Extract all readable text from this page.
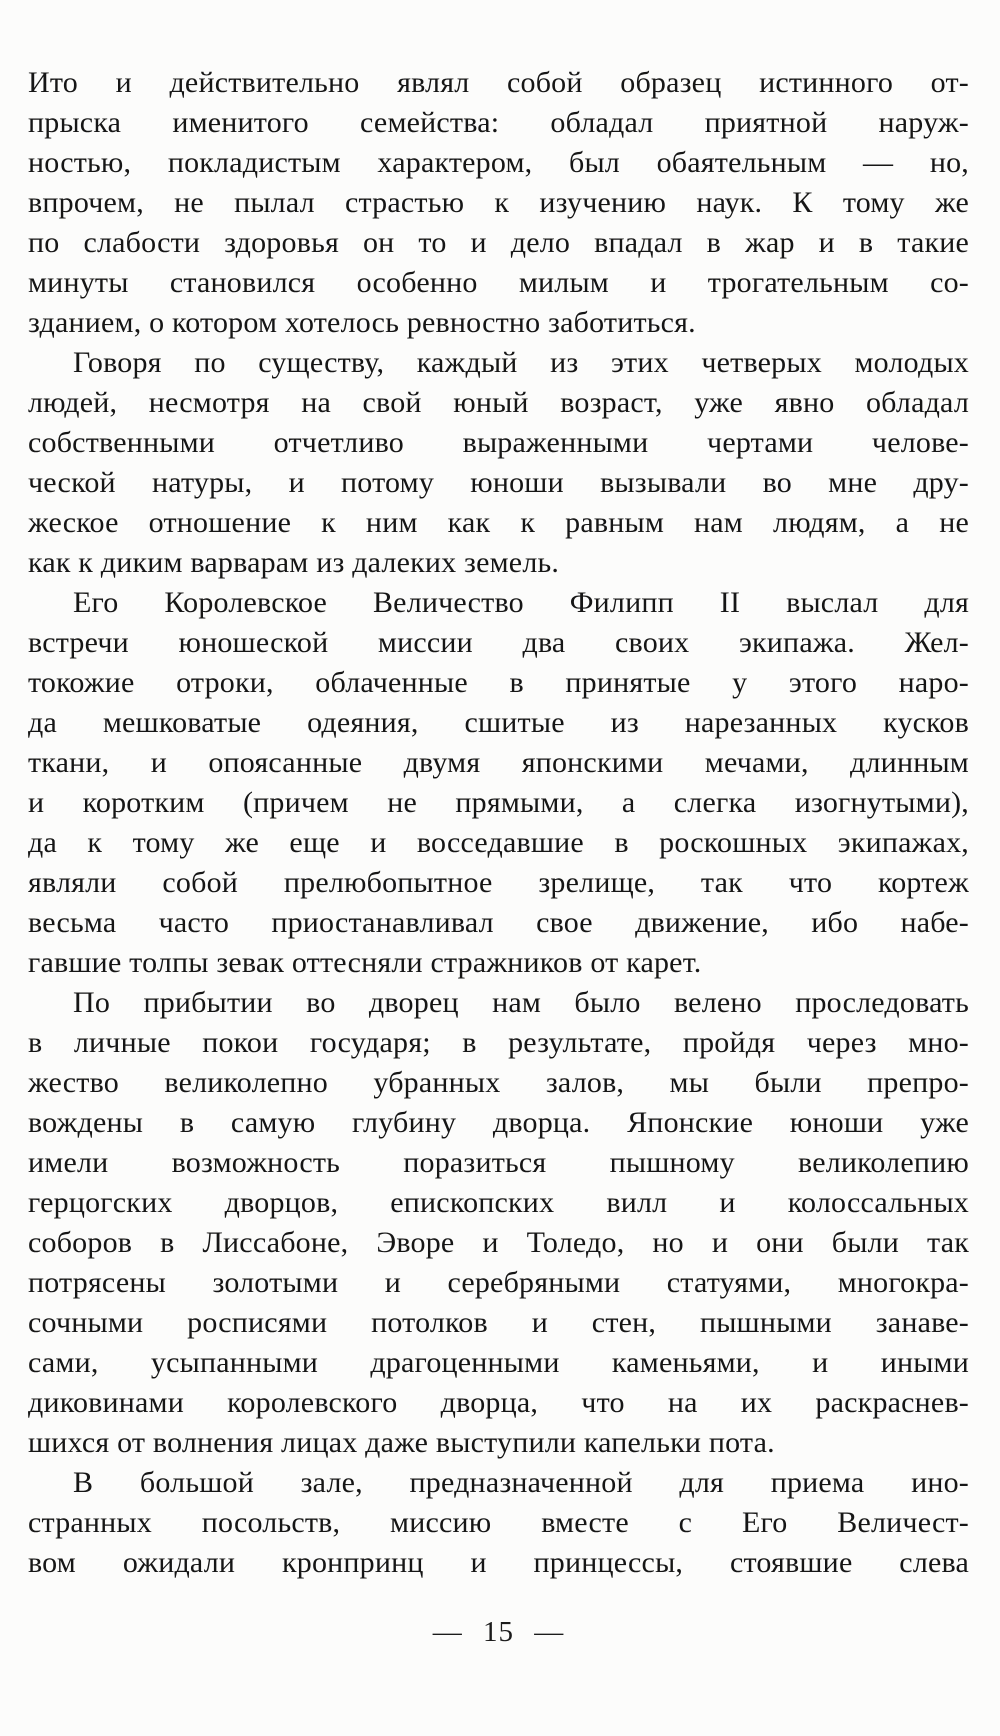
Ито и действительно являл собой образец истинного от-
прыска именитого семейства: обладал приятной наруж-
ностью, покладистым характером, был обаятельным — но,
впрочем, не пылал страстью к изучению наук. К тому же
по слабости здоровья он то и дело впадал в жар и в такие
минуты становился особенно милым и трогательным со-
зданием, о котором хотелось ревностно заботиться.
Говоря по существу, каждый из этих четверых молодых
людей, несмотря на свой юный возраст, уже явно обладал
собственными отчетливо выраженными чертами челове-
ческой натуры, и потому юноши вызывали во мне дру-
жеское отношение к ним как к равным нам людям, а не
как к диким варварам из далеких земель.
Его Королевское Величество Филипп II выслал для
встречи юношеской миссии два своих экипажа. Жел-
токожие отроки, облаченные в принятые у этого наро-
да мешковатые одеяния, сшитые из нарезанных кусков
ткани, и опоясанные двумя японскими мечами, длинным
и коротким (причем не прямыми, а слегка изогнутыми),
да к тому же еще и восседавшие в роскошных экипажах,
являли собой прелюбопытное зрелище, так что кортеж
весьма часто приостанавливал свое движение, ибо набе-
гавшие толпы зевак оттесняли стражников от карет.
По прибытии во дворец нам было велено проследовать
в личные покои государя; в результате, пройдя через мно-
жество великолепно убранных залов, мы были препро-
вождены в самую глубину дворца. Японские юноши уже
имели возможность поразиться пышному великолепию
герцогских дворцов, епископских вилл и колоссальных
соборов в Лиссабоне, Эворе и Толедо, но и они были так
потрясены золотыми и серебряными статуями, многокра-
сочными росписями потолков и стен, пышными занаве-
сами, усыпанными драгоценными каменьями, и иными
диковинами королевского дворца, что на их раскраснев-
шихся от волнения лицах даже выступили капельки пота.
В большой зале, предназначенной для приема ино-
странных посольств, миссию вместе с Его Величест-
вом ожидали кронпринц и принцессы, стоявшие слева
— 15 —
